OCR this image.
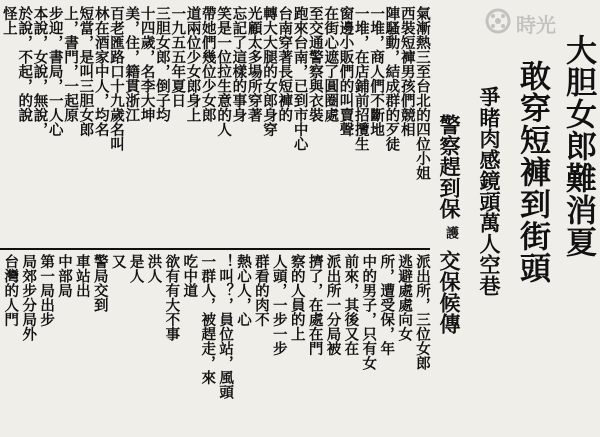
氣漸熱三至台北的四位小姐
西裝短褲男孩們競相
陣騷動，結成群的歹徒
一堆，商人們不斷地
一堆，在店鋪前招攬生
窗邊小販們的叫賣聲
在街心遮了圓圈處
至交通警察與衣裝
跑來台南，已到市中心
台南穿著長短褲的
轉大大腿的女郎身穿
光顧太多場所穿著
忘記了這樣的事身
笑是一位拉生意的人
帶她們幾位少女郎
道兩位少女郎身上
一九五五年夏日
三胆女郎，倒子均
十四歲，名李大坤
美，住，籍貫浙江
百老匯路口十九歲名叫
林在酒家中人，均名
短當，是叫三胆女郎
上，書門，一起原
步迎，書局，一人心
本說，女說，無說，
於說，不起，的說
怪上
派出所，三位女郎
逃避處處向女
所，遭受保，年
中的男子，只有女
前來，其後又在
派出所一分局被
擠了，在處在門
察的人員的上
人頭，一步一步
群看的肉不
熱心人，心
！叫？，員位站，風頭
一群人，被趕走，來
吃中道
欲有有大不事
洪人
是人
又
警局交到
車站出
中部局
第一局出步
局郊步分局外
台灣的人門
大胆女郎難消夏
敢穿短褲到街頭
爭睹肉感鏡頭萬人空巷
警察趕到保
護
交保候傳
時光
